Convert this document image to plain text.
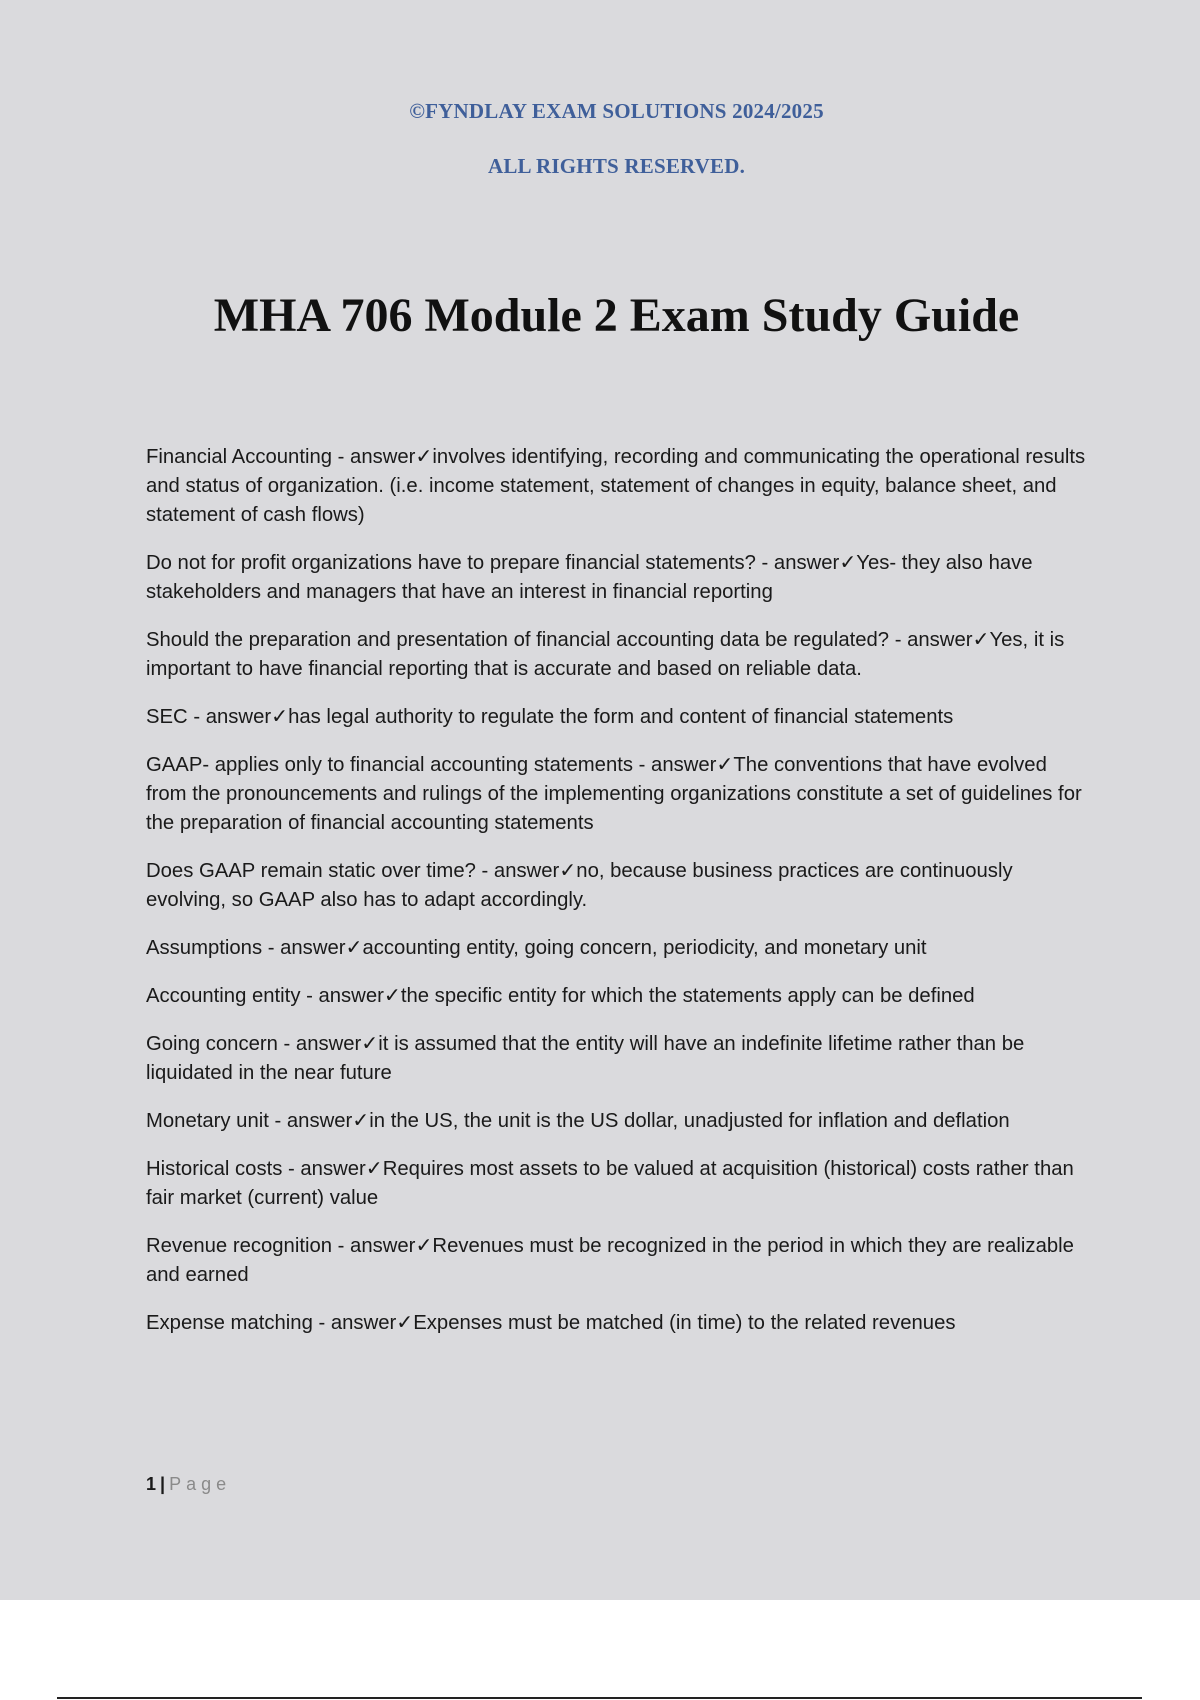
©FYNDLAY EXAM SOLUTIONS 2024/2025
ALL RIGHTS RESERVED.
MHA 706 Module 2 Exam Study Guide
Financial Accounting - answer✓involves identifying, recording and communicating the operational results and status of organization. (i.e. income statement, statement of changes in equity, balance sheet, and statement of cash flows)
Do not for profit organizations have to prepare financial statements? - answer✓Yes- they also have stakeholders and managers that have an interest in financial reporting
Should the preparation and presentation of financial accounting data be regulated? - answer✓Yes, it is important to have financial reporting that is accurate and based on reliable data.
SEC - answer✓has legal authority to regulate the form and content of financial statements
GAAP- applies only to financial accounting statements - answer✓The conventions that have evolved from the pronouncements and rulings of the implementing organizations constitute a set of guidelines for the preparation of financial accounting statements
Does GAAP remain static over time? - answer✓no, because business practices are continuously evolving, so GAAP also has to adapt accordingly.
Assumptions - answer✓accounting entity, going concern, periodicity, and monetary unit
Accounting entity - answer✓the specific entity for which the statements apply can be defined
Going concern - answer✓it is assumed that the entity will have an indefinite lifetime rather than be liquidated in the near future
Monetary unit - answer✓in the US, the unit is the US dollar, unadjusted for inflation and deflation
Historical costs - answer✓Requires most assets to be valued at acquisition (historical) costs rather than fair market (current) value
Revenue recognition - answer✓Revenues must be recognized in the period in which they are realizable and earned
Expense matching - answer✓Expenses must be matched (in time) to the related revenues
1 | Page
